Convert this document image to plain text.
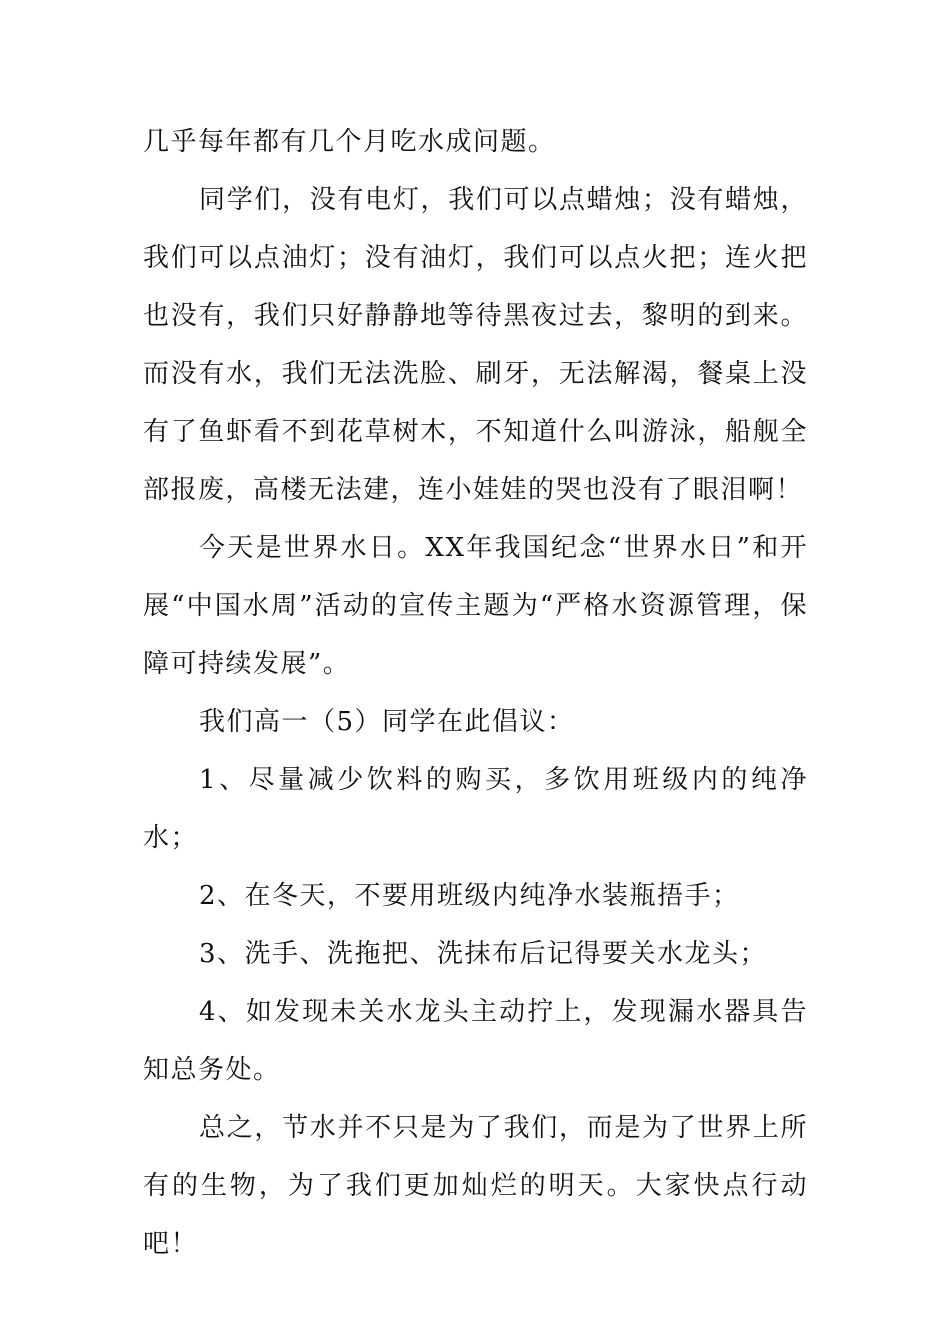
几乎每年都有几个月吃水成问题。

同学们，没有电灯，我们可以点蜡烛；没有蜡烛，我们可以点油灯；没有油灯，我们可以点火把；连火把也没有，我们只好静静地等待黑夜过去，黎明的到来。而没有水，我们无法洗脸、刷牙，无法解渴，餐桌上没有了鱼虾看不到花草树木，不知道什么叫游泳，船舰全部报废，高楼无法建，连小娃娃的哭也没有了眼泪啊！

今天是世界水日。XX年我国纪念“世界水日”和开展“中国水周”活动的宣传主题为“严格水资源管理，保障可持续发展”。

我们高一（5）同学在此倡议：

1、尽量减少饮料的购买，多饮用班级内的纯净水；

2、在冬天，不要用班级内纯净水装瓶捂手；

3、洗手、洗拖把、洗抹布后记得要关水龙头；

4、如发现未关水龙头主动拧上，发现漏水器具告知总务处。

总之，节水并不只是为了我们，而是为了世界上所有的生物，为了我们更加灿烂的明天。大家快点行动吧！
